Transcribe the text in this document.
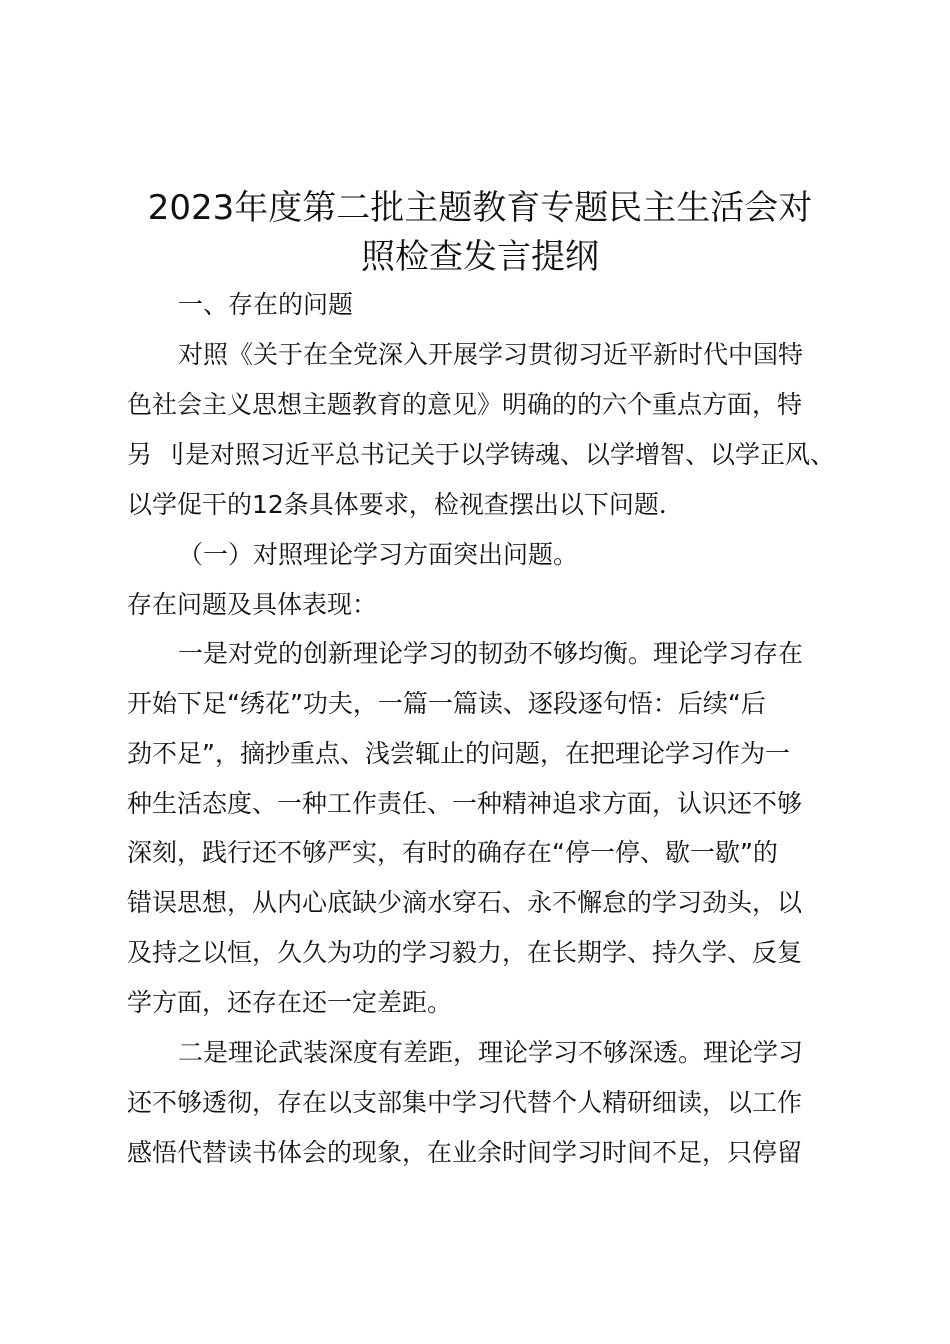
2023年度第二批主题教育专题民主生活会对
照检查发言提纲

一、存在的问题

对照《关于在全党深入开展学习贯彻习近平新时代中国特

色社会主义思想主题教育的意见》明确的的六个重点方面，特

另 刂是对照习近平总书记关于以学铸魂、以学增智、以学正风、

以学促干的12条具体要求，检视查摆出以下问题．

（一）对照理论学习方面突出问题。

存在问题及具体表现：

一是对党的创新理论学习的韧劲不够均衡。理论学习存在

开始下足“绣花”功夫，一篇一篇读、逐段逐句悟：后续“后

劲不足”，摘抄重点、浅尝辄止的问题，在把理论学习作为一

种生活态度、一种工作责任、一种精神追求方面，认识还不够

深刻，践行还不够严实，有时的确存在“停一停、歇一歇”的

错误思想，从内心底缺少滴水穿石、永不懈怠的学习劲头，以

及持之以恒，久久为功的学习毅力，在长期学、持久学、反复

学方面，还存在还一定差距。

二是理论武装深度有差距，理论学习不够深透。理论学习

还不够透彻，存在以支部集中学习代替个人精研细读，以工作

感悟代替读书体会的现象，在业余时间学习时间不足，只停留
